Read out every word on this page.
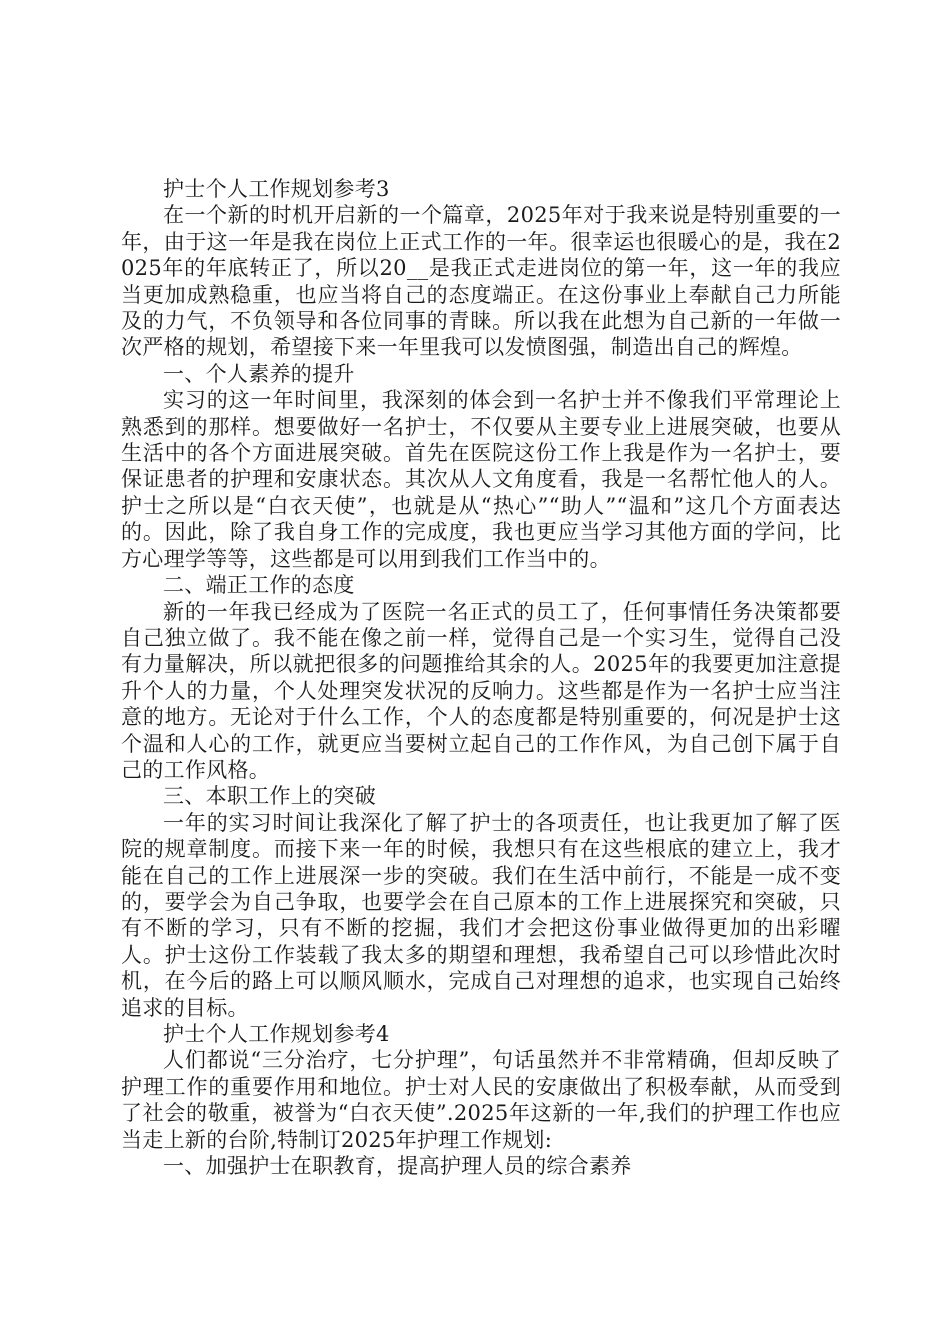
护士个人工作规划参考3

在一个新的时机开启新的一个篇章，2025年对于我来说是特别重要的一年，由于这一年是我在岗位上正式工作的一年。很幸运也很暖心的是，我在2025年的年底转正了，所以20__是我正式走进岗位的第一年，这一年的我应当更加成熟稳重，也应当将自己的态度端正。在这份事业上奉献自己力所能及的力气，不负领导和各位同事的青睐。所以我在此想为自己新的一年做一次严格的规划，希望接下来一年里我可以发愤图强，制造出自己的辉煌。

一、个人素养的提升

实习的这一年时间里，我深刻的体会到一名护士并不像我们平常理论上熟悉到的那样。想要做好一名护士，不仅要从主要专业上进展突破，也要从生活中的各个方面进展突破。首先在医院这份工作上我是作为一名护士，要保证患者的护理和安康状态。其次从人文角度看，我是一名帮忙他人的人。护士之所以是“白衣天使”，也就是从“热心”“助人”“温和”这几个方面表达的。因此，除了我自身工作的完成度，我也更应当学习其他方面的学问，比方心理学等等，这些都是可以用到我们工作当中的。

二、端正工作的态度

新的一年我已经成为了医院一名正式的员工了，任何事情任务决策都要自己独立做了。我不能在像之前一样，觉得自己是一个实习生，觉得自己没有力量解决，所以就把很多的问题推给其余的人。2025年的我要更加注意提升个人的力量，个人处理突发状况的反响力。这些都是作为一名护士应当注意的地方。无论对于什么工作，个人的态度都是特别重要的，何况是护士这个温和人心的工作，就更应当要树立起自己的工作作风，为自己创下属于自己的工作风格。

三、本职工作上的突破

一年的实习时间让我深化了解了护士的各项责任，也让我更加了解了医院的规章制度。而接下来一年的时候，我想只有在这些根底的建立上，我才能在自己的工作上进展深一步的突破。我们在生活中前行，不能是一成不变的，要学会为自己争取，也要学会在自己原本的工作上进展探究和突破，只有不断的学习，只有不断的挖掘，我们才会把这份事业做得更加的出彩曜人。护士这份工作装载了我太多的期望和理想，我希望自己可以珍惜此次时机，在今后的路上可以顺风顺水，完成自己对理想的追求，也实现自己始终追求的目标。

护士个人工作规划参考4

人们都说“三分治疗，七分护理”，句话虽然并不非常精确，但却反映了护理工作的重要作用和地位。护士对人民的安康做出了积极奉献，从而受到了社会的敬重，被誉为“白衣天使”.2025年这新的一年,我们的护理工作也应当走上新的台阶,特制订2025年护理工作规划:

一、加强护士在职教育，提高护理人员的综合素养
